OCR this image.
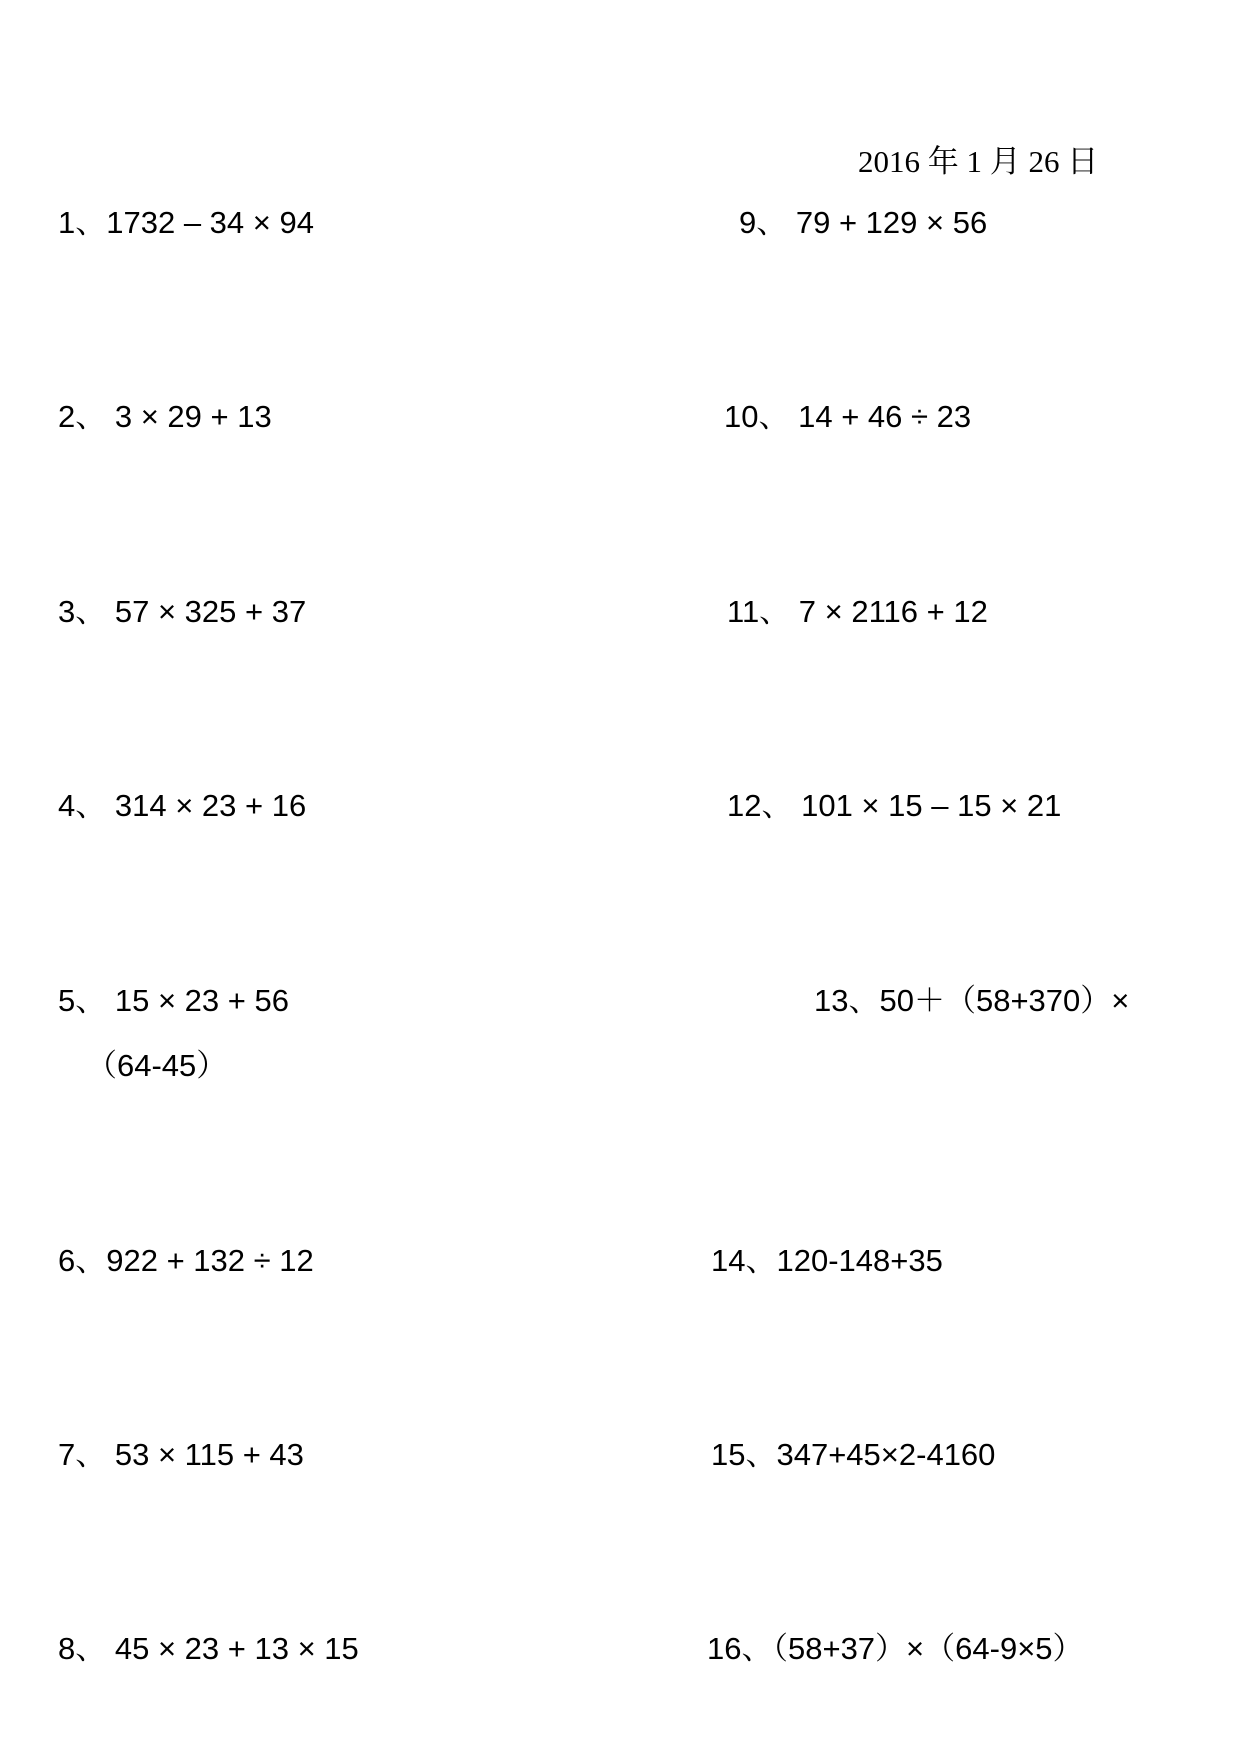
2016 年 1 月 26 日
1、1732 – 34 × 94
2、 3 × 29 + 13
3、 57 × 325 + 37
4、 314 × 23 + 16
5、 15 × 23 + 56
（64-45）
6、922 + 132 ÷ 12
7、 53 × 115 + 43
8、 45 × 23 + 13 × 15
9、 79 + 129 × 56
10、 14 + 46 ÷ 23
11、 7 × 2116 + 12
12、 101 × 15 – 15 × 21
13、50＋（58+370）×
14、120-148+35
15、347+45×2-4160
16、（58+37）×（64-9×5）
